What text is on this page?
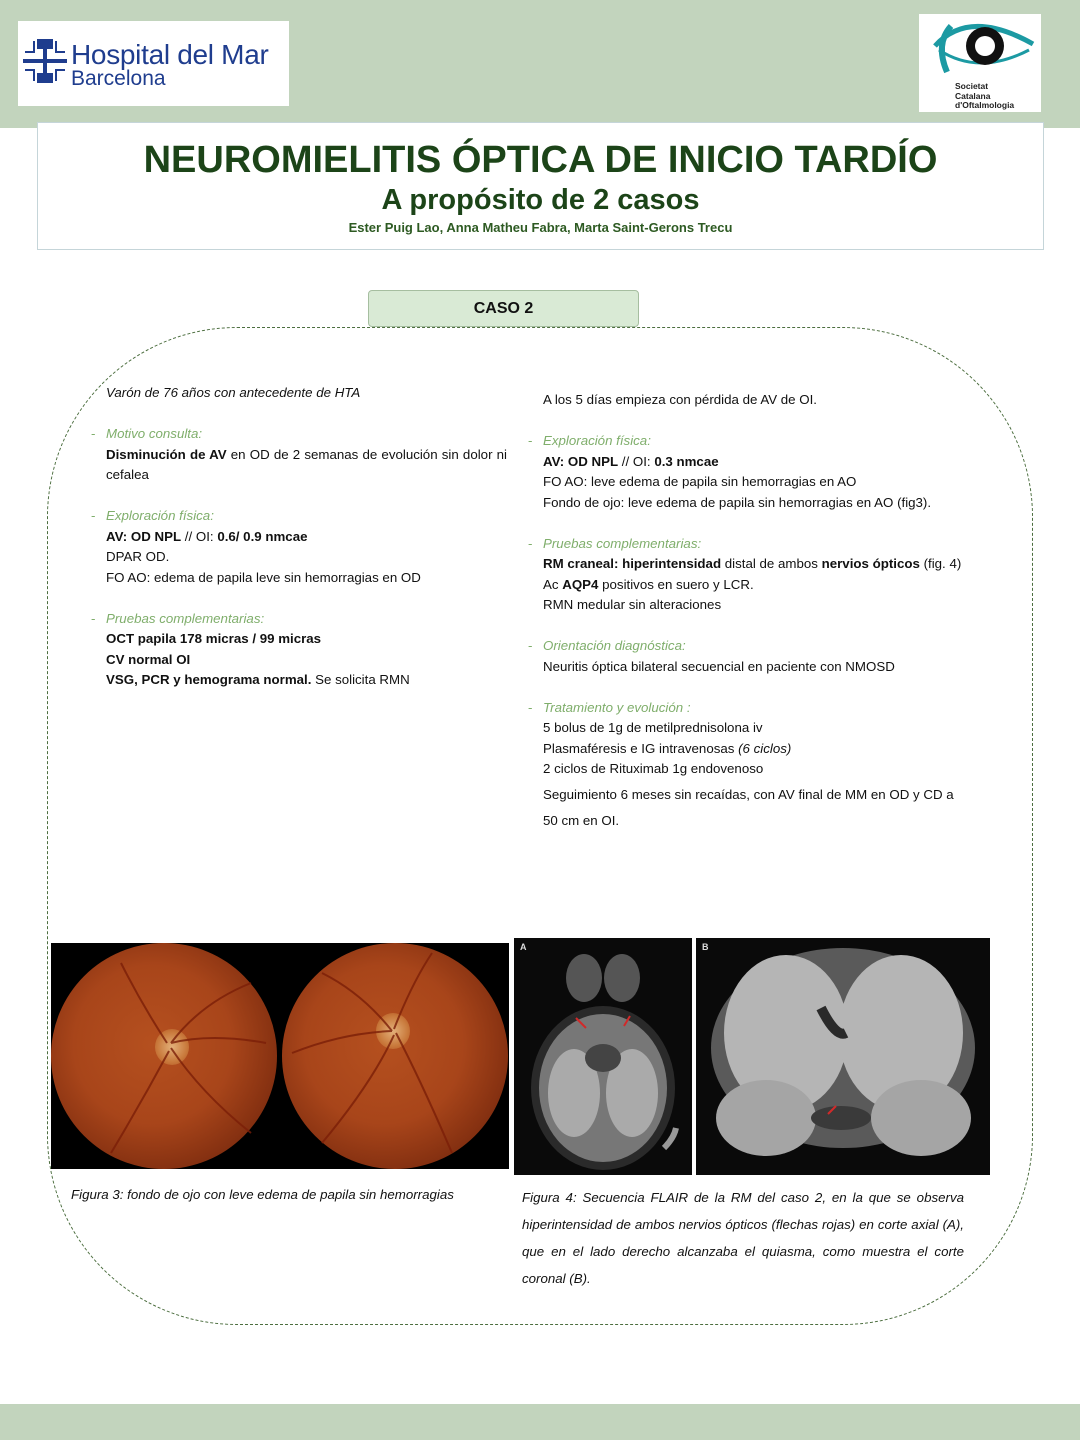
Hospital del Mar
Barcelona	Societat
Catalana
d'Oftalmologia
NEUROMIELITIS ÓPTICA DE INICIO TARDÍO
A propósito de 2 casos
Ester Puig Lao, Anna Matheu Fabra, Marta Saint-Gerons Trecu
CASO 2
Varón de 76 años con antecedente de HTA
- Motivo consulta:
Disminución de AV en OD de 2 semanas de evolución sin dolor ni cefalea
- Exploración física:
AV: OD NPL // OI: 0.6/ 0.9 nmcae
DPAR OD.
FO AO: edema de papila leve sin hemorragias en OD
- Pruebas complementarias:
OCT papila 178 micras / 99 micras
CV normal OI
VSG, PCR y hemograma normal. Se solicita RMN
A los 5 días empieza con pérdida de AV de OI.
- Exploración física:
AV: OD NPL // OI: 0.3 nmcae
FO AO: leve edema de papila sin hemorragias en AO
Fondo de ojo: leve edema de papila sin hemorragias en AO (fig3).
- Pruebas complementarias:
RM craneal: hiperintensidad distal de ambos nervios ópticos (fig. 4)
Ac AQP4 positivos en suero y LCR.
RMN medular sin alteraciones
- Orientación diagnóstica:
Neuritis óptica bilateral secuencial en paciente con NMOSD
- Tratamiento y evolución :
5 bolus de 1g de metilprednisolona iv
Plasmaféresis e IG intravenosas (6 ciclos)
2 ciclos de Rituximab 1g endovenoso
Seguimiento 6 meses sin recaídas, con AV final de MM en OD y CD a 50 cm en OI.
A	B
Figura 3: fondo de ojo con leve edema de papila sin hemorragias	Figura 4: Secuencia FLAIR de la RM del caso 2, en la que se observa hiperintensidad de ambos nervios ópticos (flechas rojas) en corte axial (A), que en el lado derecho alcanzaba el quiasma, como muestra el corte coronal (B).
